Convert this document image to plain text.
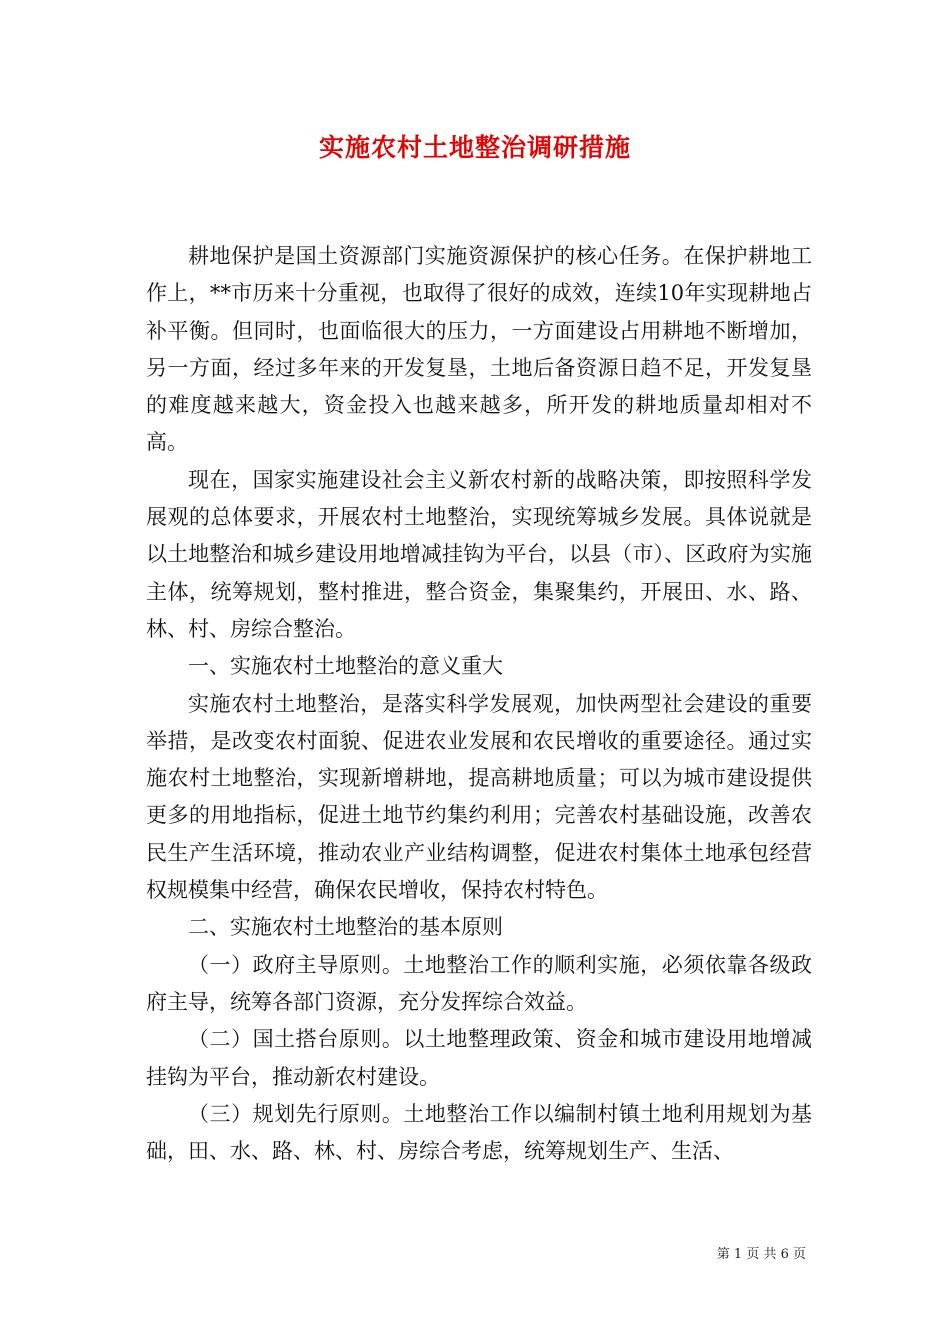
实施农村土地整治调研措施

耕地保护是国土资源部门实施资源保护的核心任务。在保护耕地工作上，**市历来十分重视，也取得了很好的成效，连续10年实现耕地占补平衡。但同时，也面临很大的压力，一方面建设占用耕地不断增加，另一方面，经过多年来的开发复垦，土地后备资源日趋不足，开发复垦的难度越来越大，资金投入也越来越多，所开发的耕地质量却相对不高。

现在，国家实施建设社会主义新农村新的战略决策，即按照科学发展观的总体要求，开展农村土地整治，实现统筹城乡发展。具体说就是以土地整治和城乡建设用地增减挂钩为平台，以县（市）、区政府为实施主体，统筹规划，整村推进，整合资金，集聚集约，开展田、水、路、林、村、房综合整治。

一、实施农村土地整治的意义重大

实施农村土地整治，是落实科学发展观，加快两型社会建设的重要举措，是改变农村面貌、促进农业发展和农民增收的重要途径。通过实施农村土地整治，实现新增耕地，提高耕地质量；可以为城市建设提供更多的用地指标，促进土地节约集约利用；完善农村基础设施，改善农民生产生活环境，推动农业产业结构调整，促进农村集体土地承包经营权规模集中经营，确保农民增收，保持农村特色。

二、实施农村土地整治的基本原则

（一）政府主导原则。土地整治工作的顺利实施，必须依靠各级政府主导，统筹各部门资源，充分发挥综合效益。

（二）国土搭台原则。以土地整理政策、资金和城市建设用地增减挂钩为平台，推动新农村建设。

（三）规划先行原则。土地整治工作以编制村镇土地利用规划为基础，田、水、路、林、村、房综合考虑，统筹规划生产、生活、

第 1 页 共 6 页
